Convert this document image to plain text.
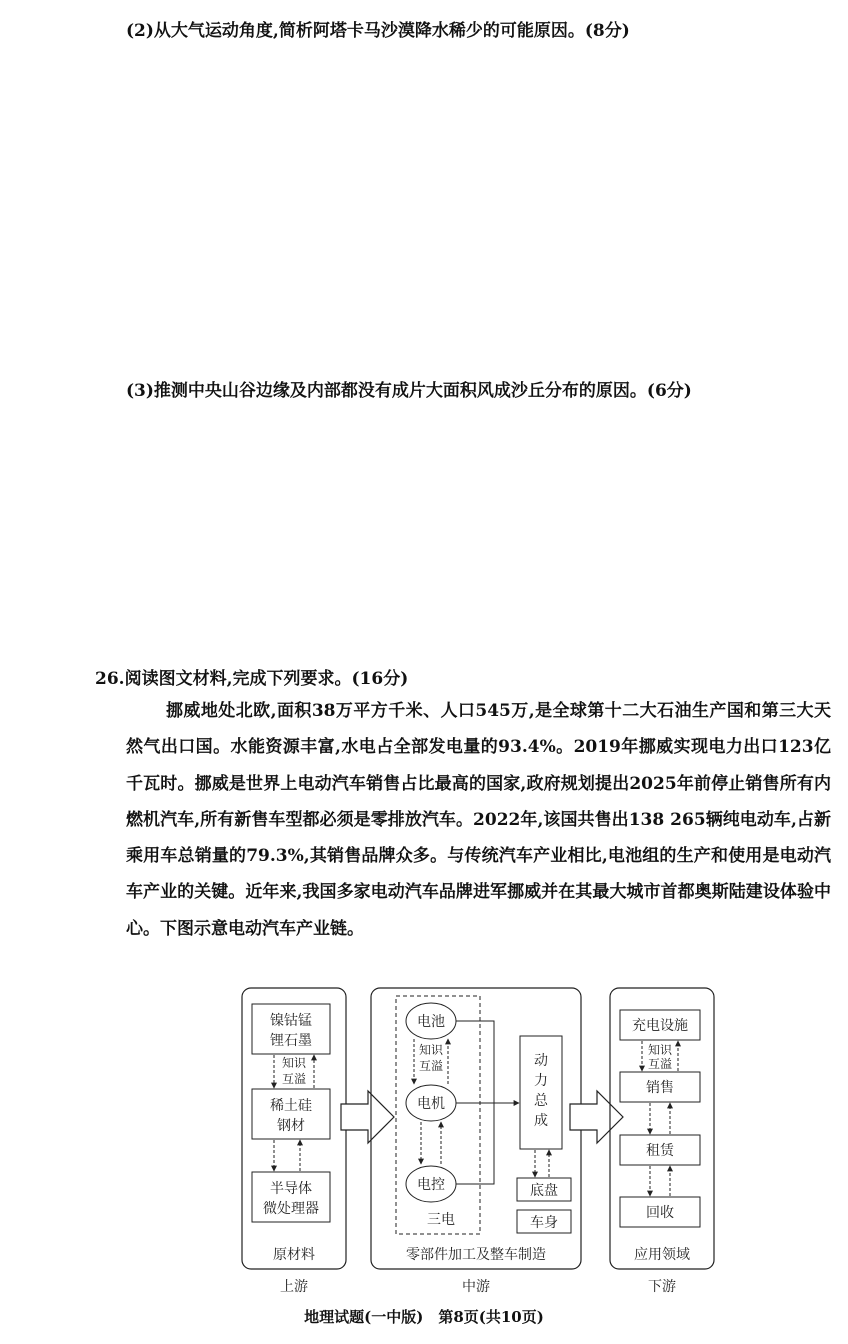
(2)从大气运动角度,简析阿塔卡马沙漠降水稀少的可能原因。(8分)
(3)推测中央山谷边缘及内部都没有成片大面积风成沙丘分布的原因。(6分)
26.阅读图文材料,完成下列要求。(16分)

挪威地处北欧,面积38万平方千米、人口545万,是全球第十二大石油生产国和第三大天然气出口国。水能资源丰富,水电占全部发电量的93.4%。2019年挪威实现电力出口123亿千瓦时。挪威是世界上电动汽车销售占比最高的国家,政府规划提出2025年前停止销售所有内燃机汽车,所有新售车型都必须是零排放汽车。2022年,该国共售出138 265辆纯电动车,占新乘用车总销量的79.3%,其销售品牌众多。与传统汽车产业相比,电池组的生产和使用是电动汽车产业的关键。近年来,我国多家电动汽车品牌进军挪威并在其最大城市首都奥斯陆建设体验中心。下图示意电动汽车产业链。

镍钴锰
锂石墨
知识
互溢
稀土硅
钢材
半导体
微处理器
原材料
上游
电池
知识
互溢
电机
电控
三电
动
力
总
成
底盘
车身
零部件加工及整车制造
中游
充电设施
知识
互溢
销售
租赁
回收
应用领域
下游
地理试题(一中版)　第8页(共10页)
